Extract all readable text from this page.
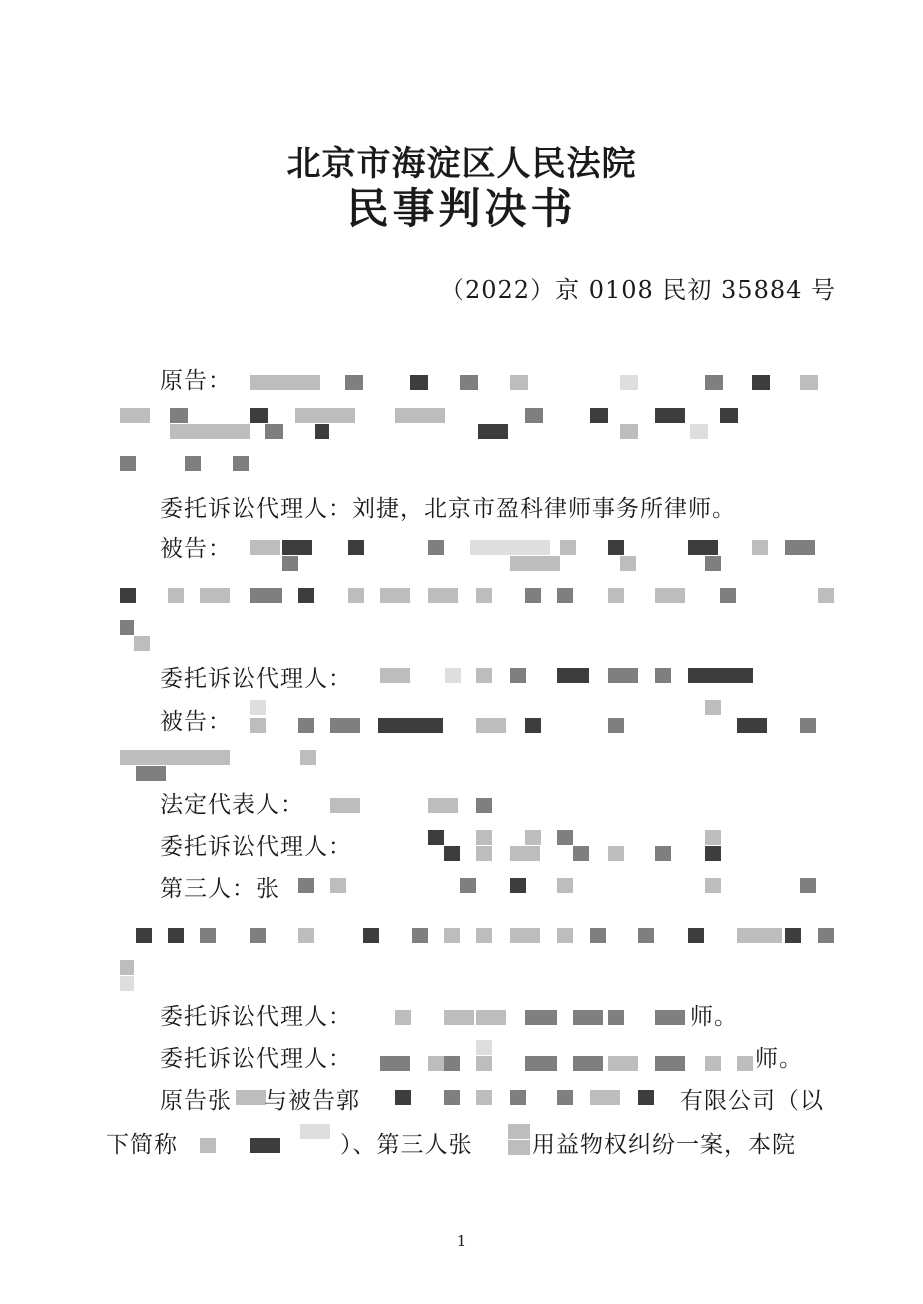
北京市海淀区人民法院
民事判决书
（2022）京 0108 民初 35884 号
原告：
委托诉讼代理人：刘捷，北京市盈科律师事务所律师。
被告：
委托诉讼代理人：
被告：
法定代表人：
委托诉讼代理人：
第三人：张
委托诉讼代理人：	师。
委托诉讼代理人：	师。
原告张 与被告郭	有限公司（以
下简称	）、第三人张	用益物权纠纷一案，本院
1
